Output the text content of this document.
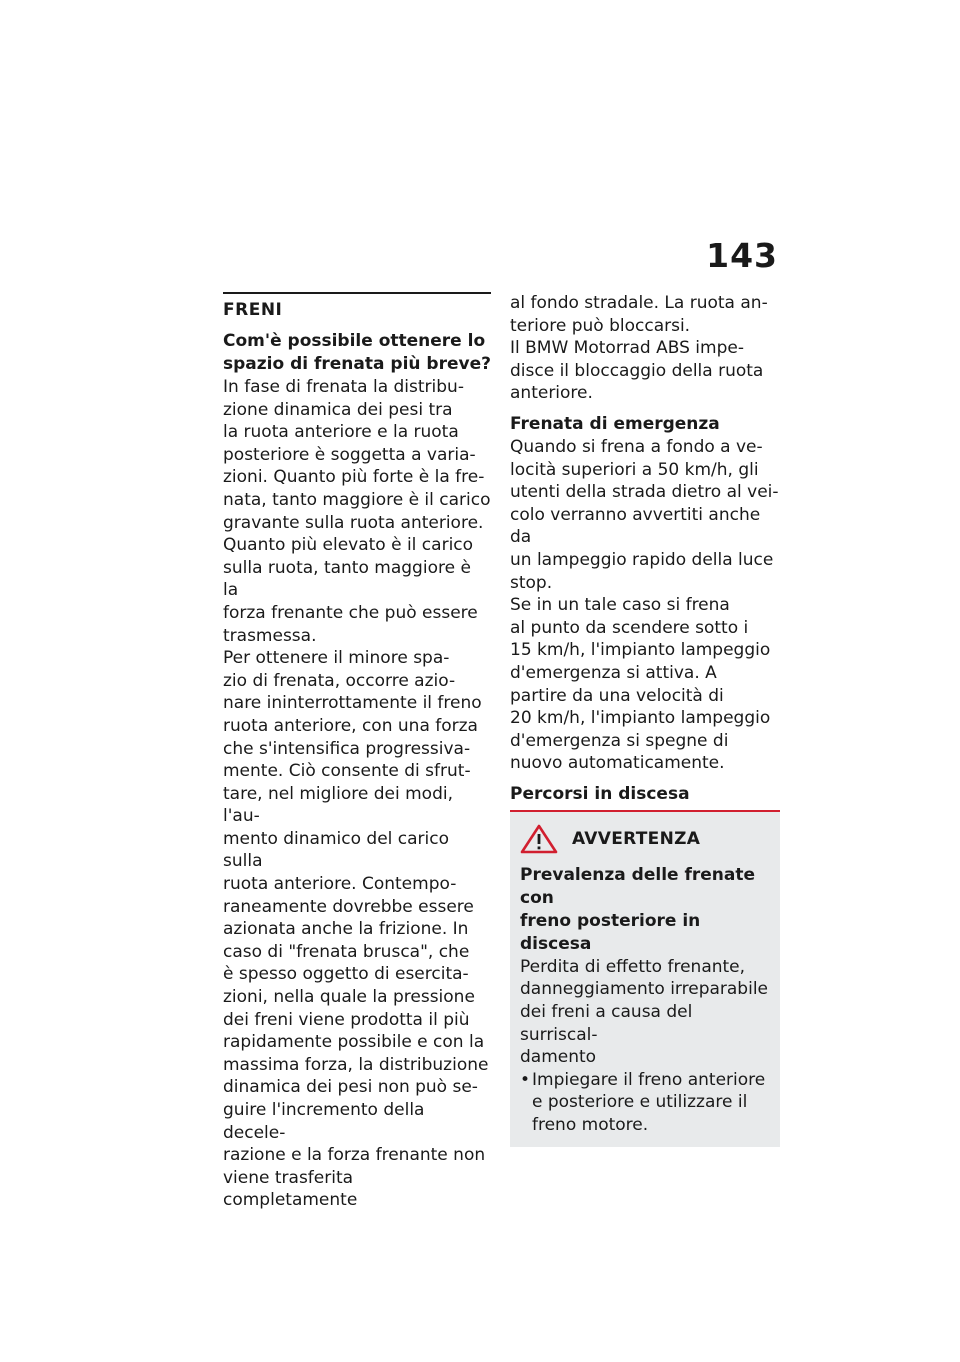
143

FRENI

Com'è possibile ottenere lo
spazio di frenata più breve?

In fase di frenata la distribu-
zione dinamica dei pesi tra
la ruota anteriore e la ruota
posteriore è soggetta a varia-
zioni. Quanto più forte è la fre-
nata, tanto maggiore è il carico
gravante sulla ruota anteriore.
Quanto più elevato è il carico
sulla ruota, tanto maggiore è la
forza frenante che può essere
trasmessa.

Per ottenere il minore spa-
zio di frenata, occorre azio-
nare ininterrottamente il freno
ruota anteriore, con una forza
che s'intensifica progressiva-
mente. Ciò consente di sfrut-
tare, nel migliore dei modi, l'au-
mento dinamico del carico sulla
ruota anteriore. Contempo-
raneamente dovrebbe essere
azionata anche la frizione. In
caso di "frenata brusca", che
è spesso oggetto di esercita-
zioni, nella quale la pressione
dei freni viene prodotta il più
rapidamente possibile e con la
massima forza, la distribuzione
dinamica dei pesi non può se-
guire l'incremento della decele-
razione e la forza frenante non
viene trasferita completamente

al fondo stradale. La ruota an-
teriore può bloccarsi.

Il BMW Motorrad ABS impe-
disce il bloccaggio della ruota
anteriore.

Frenata di emergenza

Quando si frena a fondo a ve-
locità superiori a 50 km/h, gli
utenti della strada dietro al vei-
colo verranno avvertiti anche da
un lampeggio rapido della luce
stop.

Se in un tale caso si frena
al punto da scendere sotto i
15 km/h, l'impianto lampeggio
d'emergenza si attiva. A
partire da una velocità di
20 km/h, l'impianto lampeggio
d'emergenza si spegne di
nuovo automaticamente.

Percorsi in discesa

AVVERTENZA

Prevalenza delle frenate con
freno posteriore in discesa

Perdita di effetto frenante,
danneggiamento irreparabile
dei freni a causa del surriscal-
damento

• Impiegare il freno anteriore
e posteriore e utilizzare il
freno motore.
